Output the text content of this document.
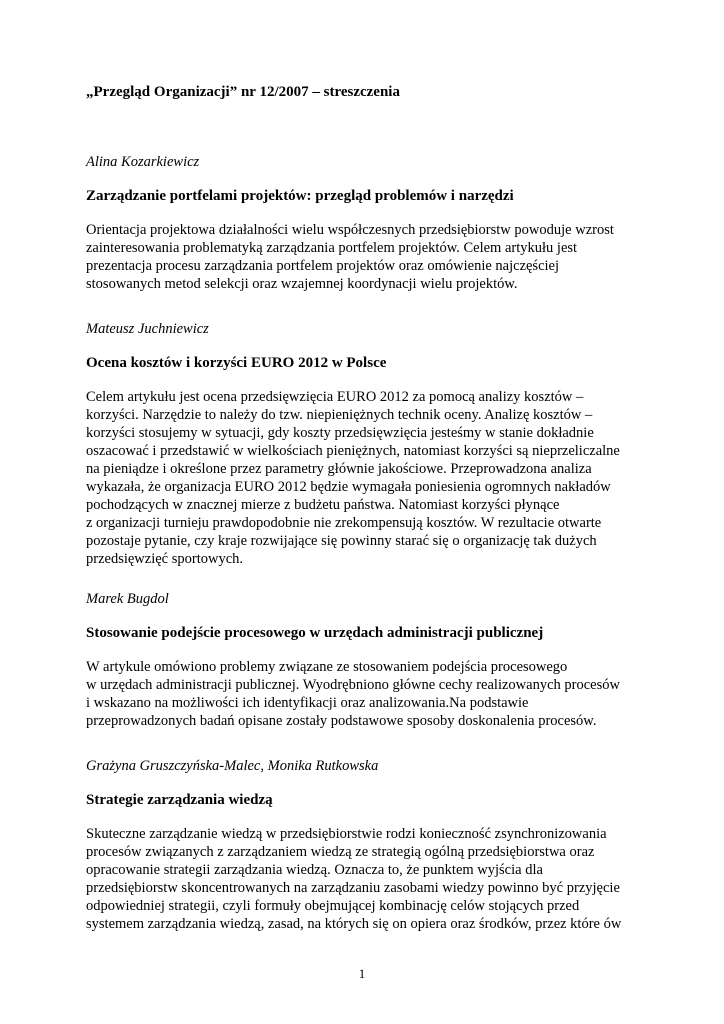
„Przegląd Organizacji” nr 12/2007 – streszczenia

Alina Kozarkiewicz

Zarządzanie portfelami projektów: przegląd problemów i narzędzi

Orientacja projektowa działalności wielu współczesnych przedsiębiorstw powoduje wzrost
zainteresowania problematyką zarządzania portfelem projektów. Celem artykułu jest
prezentacja procesu zarządzania portfelem projektów oraz omówienie najczęściej
stosowanych metod selekcji oraz wzajemnej koordynacji wielu projektów.

Mateusz Juchniewicz

Ocena kosztów i korzyści EURO 2012 w Polsce

Celem artykułu jest ocena przedsięwzięcia EURO 2012 za pomocą analizy kosztów –
korzyści. Narzędzie to należy do tzw. niepieniężnych technik oceny. Analizę kosztów –
korzyści stosujemy w sytuacji, gdy koszty przedsięwzięcia jesteśmy w stanie dokładnie
oszacować i przedstawić w wielkościach pieniężnych, natomiast korzyści są nieprzeliczalne
na pieniądze i określone przez parametry głównie jakościowe. Przeprowadzona analiza
wykazała, że organizacja EURO 2012 będzie wymagała poniesienia ogromnych nakładów
pochodzących w znacznej mierze z budżetu państwa. Natomiast korzyści płynące
z organizacji turnieju prawdopodobnie nie zrekompensują kosztów. W rezultacie otwarte
pozostaje pytanie, czy kraje rozwijające się powinny starać się o organizację tak dużych
przedsięwzięć sportowych.

Marek Bugdol

Stosowanie podejście procesowego w urzędach administracji publicznej

W artykule omówiono problemy związane ze stosowaniem podejścia procesowego
w urzędach administracji publicznej. Wyodrębniono główne cechy realizowanych procesów
i wskazano na możliwości ich identyfikacji oraz analizowania.Na podstawie
przeprowadzonych badań opisane zostały podstawowe sposoby doskonalenia procesów.

Grażyna Gruszczyńska-Malec, Monika Rutkowska

Strategie zarządzania wiedzą

Skuteczne zarządzanie wiedzą w przedsiębiorstwie rodzi konieczność zsynchronizowania
procesów związanych z zarządzaniem wiedzą ze strategią ogólną przedsiębiorstwa oraz
opracowanie strategii zarządzania wiedzą. Oznacza to, że punktem wyjścia dla
przedsiębiorstw skoncentrowanych na zarządzaniu zasobami wiedzy powinno być przyjęcie
odpowiedniej strategii, czyli formuły obejmującej kombinację celów stojących przed
systemem zarządzania wiedzą, zasad, na których się on opiera oraz środków, przez które ów

1
